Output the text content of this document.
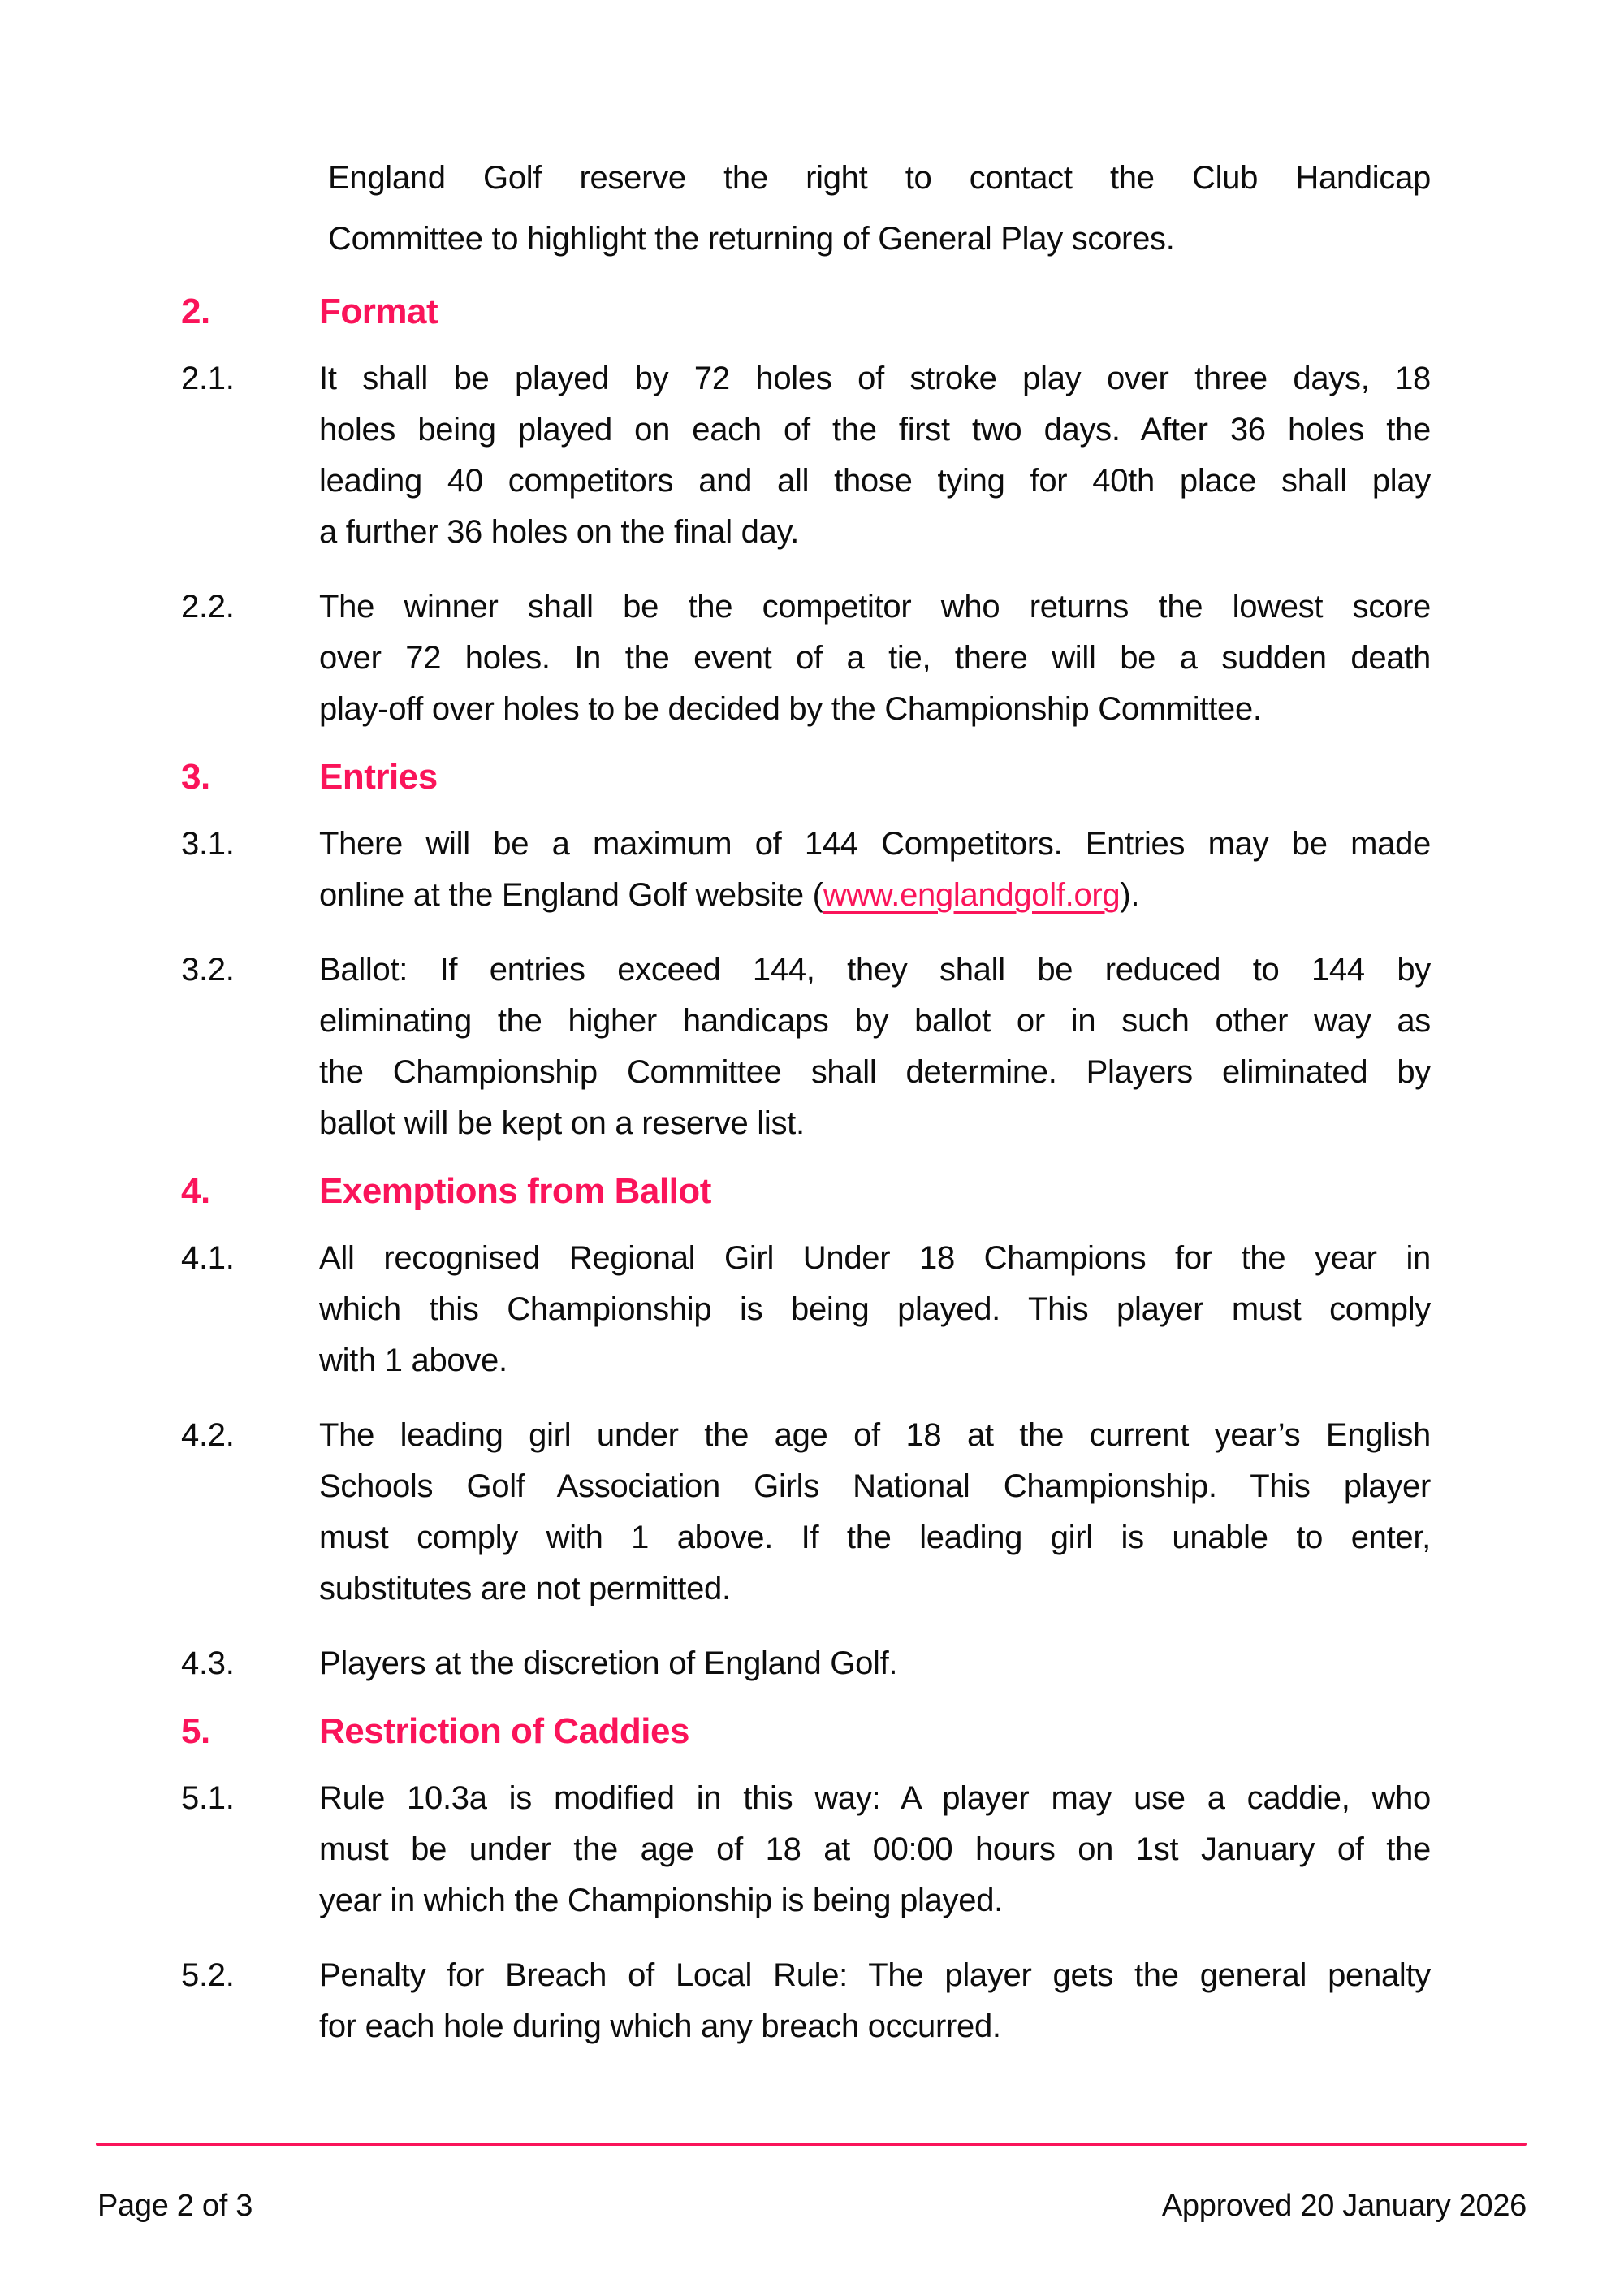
England Golf reserve the right to contact the Club Handicap
Committee to highlight the returning of General Play scores.
2.	Format
2.1.	It shall be played by 72 holes of stroke play over three days, 18
holes being played on each of the first two days. After 36 holes the
leading 40 competitors and all those tying for 40th place shall play
a further 36 holes on the final day.
2.2.	The winner shall be the competitor who returns the lowest score
over 72 holes. In the event of a tie, there will be a sudden death
play-off over holes to be decided by the Championship Committee.
3.	Entries
3.1.	There will be a maximum of 144 Competitors. Entries may be made
online at the England Golf website (www.englandgolf.org).
3.2.	Ballot: If entries exceed 144, they shall be reduced to 144 by
eliminating the higher handicaps by ballot or in such other way as
the Championship Committee shall determine. Players eliminated by
ballot will be kept on a reserve list.
4.	Exemptions from Ballot
4.1.	All recognised Regional Girl Under 18 Champions for the year in
which this Championship is being played. This player must comply
with 1 above.
4.2.	The leading girl under the age of 18 at the current year’s English
Schools Golf Association Girls National Championship. This player
must comply with 1 above. If the leading girl is unable to enter,
substitutes are not permitted.
4.3.	Players at the discretion of England Golf.
5.	Restriction of Caddies
5.1.	Rule 10.3a is modified in this way: A player may use a caddie, who
must be under the age of 18 at 00:00 hours on 1st January of the
year in which the Championship is being played.
5.2.	Penalty for Breach of Local Rule: The player gets the general penalty
for each hole during which any breach occurred.
Page 2 of 3	Approved 20 January 2026
